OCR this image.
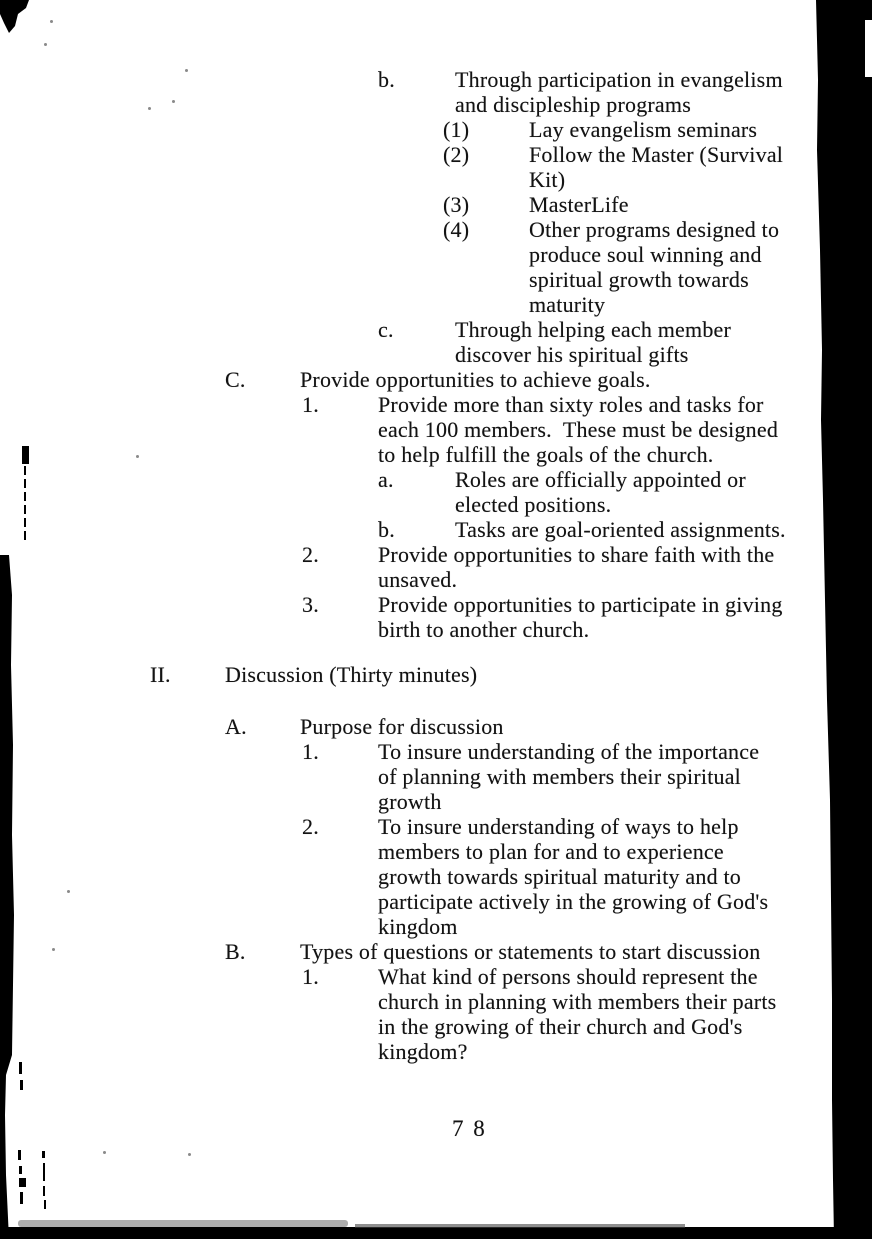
b.	Through participation in evangelism
and discipleship programs
(1)	Lay evangelism seminars
(2)	Follow the Master (Survival
Kit)
(3)	MasterLife
(4)	Other programs designed to
produce soul winning and
spiritual growth towards
maturity
c.	Through helping each member
discover his spiritual gifts
C. Provide opportunities to achieve goals.
1.	Provide more than sixty roles and tasks for
each 100 members.  These must be designed
to help fulfill the goals of the church.
a.	Roles are officially appointed or
elected positions.
b.	Tasks are goal-oriented assignments.
2.	Provide opportunities to share faith with the
unsaved.
3.	Provide opportunities to participate in giving
birth to another church.
II. Discussion (Thirty minutes)
A. Purpose for discussion
1.	To insure understanding of the importance
of planning with members their spiritual
growth
2.	To insure understanding of ways to help
members to plan for and to experience
growth towards spiritual maturity and to
participate actively in the growing of God's
kingdom
B. Types of questions or statements to start discussion
1.	What kind of persons should represent the
church in planning with members their parts
in the growing of their church and God's
kingdom?
7 8
